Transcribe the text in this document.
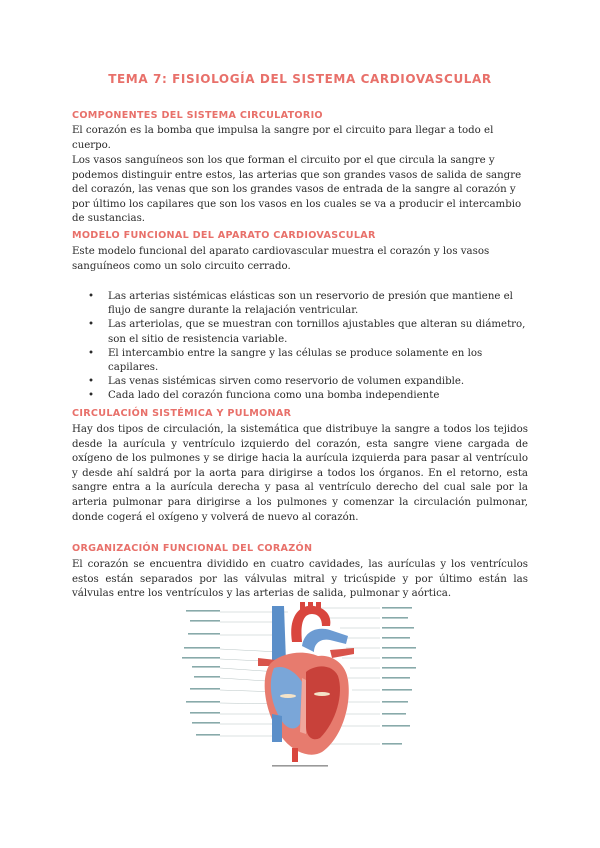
TEMA 7: FISIOLOGÍA DEL SISTEMA CARDIOVASCULAR
COMPONENTES DEL SISTEMA CIRCULATORIO

El corazón es la bomba que impulsa la sangre por el circuito para llegar a todo el cuerpo.

Los vasos sanguíneos son los que forman el circuito por el que circula la sangre y podemos distinguir entre estos, las arterias que son grandes vasos de salida de sangre del corazón, las venas que son los grandes vasos de entrada de la sangre al corazón y por último los capilares que son los vasos en los cuales se va a producir el intercambio de sustancias.

MODELO FUNCIONAL DEL APARATO CARDIOVASCULAR

Este modelo funcional del aparato cardiovascular muestra el corazón y los vasos sanguíneos como un solo circuito cerrado.

• Las arterias sistémicas elásticas son un reservorio de presión que mantiene el flujo de sangre durante la relajación ventricular.
• Las arteriolas, que se muestran con tornillos ajustables que alteran su diámetro, son el sitio de resistencia variable.
• El intercambio entre la sangre y las células se produce solamente en los capilares.
• Las venas sistémicas sirven como reservorio de volumen expandible.
• Cada lado del corazón funciona como una bomba independiente
CIRCULACIÓN SISTÉMICA Y PULMONAR

Hay dos tipos de circulación, la sistemática que distribuye la sangre a todos los tejidos desde la aurícula y ventrículo izquierdo del corazón, esta sangre viene cargada de oxígeno de los pulmones y se dirige hacia la aurícula izquierda para pasar al ventrículo y desde ahí saldrá por la aorta para dirigirse a todos los órganos. En el retorno, esta sangre entra a la aurícula derecha y pasa al ventrículo derecho del cual sale por la arteria pulmonar para dirigirse a los pulmones y comenzar la circulación pulmonar, donde cogerá el oxígeno y volverá de nuevo al corazón.

ORGANIZACIÓN FUNCIONAL DEL CORAZÓN

El corazón se encuentra dividido en cuatro cavidades, las aurículas y los ventrículos estos están separados por las válvulas mitral y tricúspide y por último están las válvulas entre los ventrículos y las arterias de salida, pulmonar y aórtica.
